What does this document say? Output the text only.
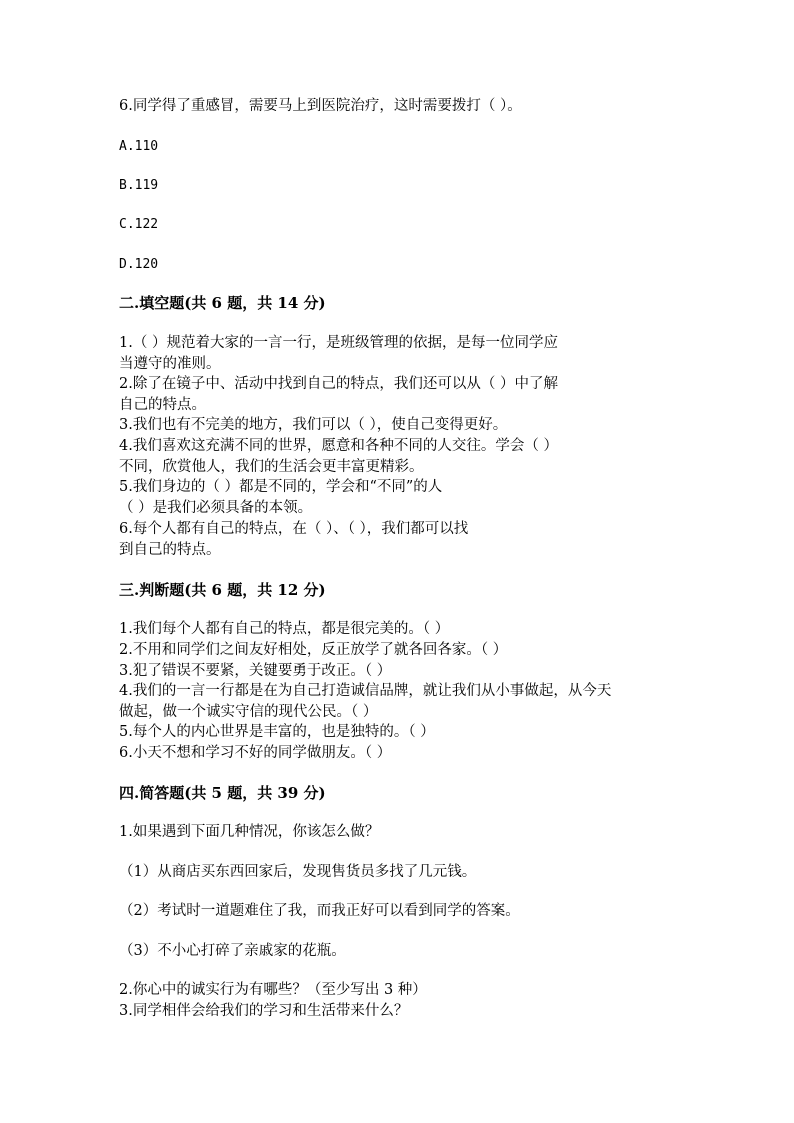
6.同学得了重感冒，需要马上到医院治疗，这时需要拨打（ ）。
A.110
B.119
C.122
D.120
二.填空题(共 6 题，共 14 分)
1.（ ）规范着大家的一言一行，是班级管理的依据，是每一位同学应
当遵守的准则。
2.除了在镜子中、活动中找到自己的特点，我们还可以从（ ）中了解
自己的特点。
3.我们也有不完美的地方，我们可以（ ），使自己变得更好。
4.我们喜欢这充满不同的世界，愿意和各种不同的人交往。学会（ ）
不同，欣赏他人，我们的生活会更丰富更精彩。
5.我们身边的（ ）都是不同的，学会和“不同”的人
（ ）是我们必须具备的本领。
6.每个人都有自己的特点，在（ ）、（ ），我们都可以找
到自己的特点。
三.判断题(共 6 题，共 12 分)
1.我们每个人都有自己的特点，都是很完美的。（ ）
2.不用和同学们之间友好相处，反正放学了就各回各家。（ ）
3.犯了错误不要紧，关键要勇于改正。（ ）
4.我们的一言一行都是在为自己打造诚信品牌，就让我们从小事做起，从今天
做起，做一个诚实守信的现代公民。（ ）
5.每个人的内心世界是丰富的，也是独特的。（ ）
6.小天不想和学习不好的同学做朋友。（ ）
四.简答题(共 5 题，共 39 分)
1.如果遇到下面几种情况，你该怎么做？
（1）从商店买东西回家后，发现售货员多找了几元钱。
（2）考试时一道题难住了我，而我正好可以看到同学的答案。
（3）不小心打碎了亲戚家的花瓶。
2.你心中的诚实行为有哪些？（至少写出 3 种）
3.同学相伴会给我们的学习和生活带来什么？
